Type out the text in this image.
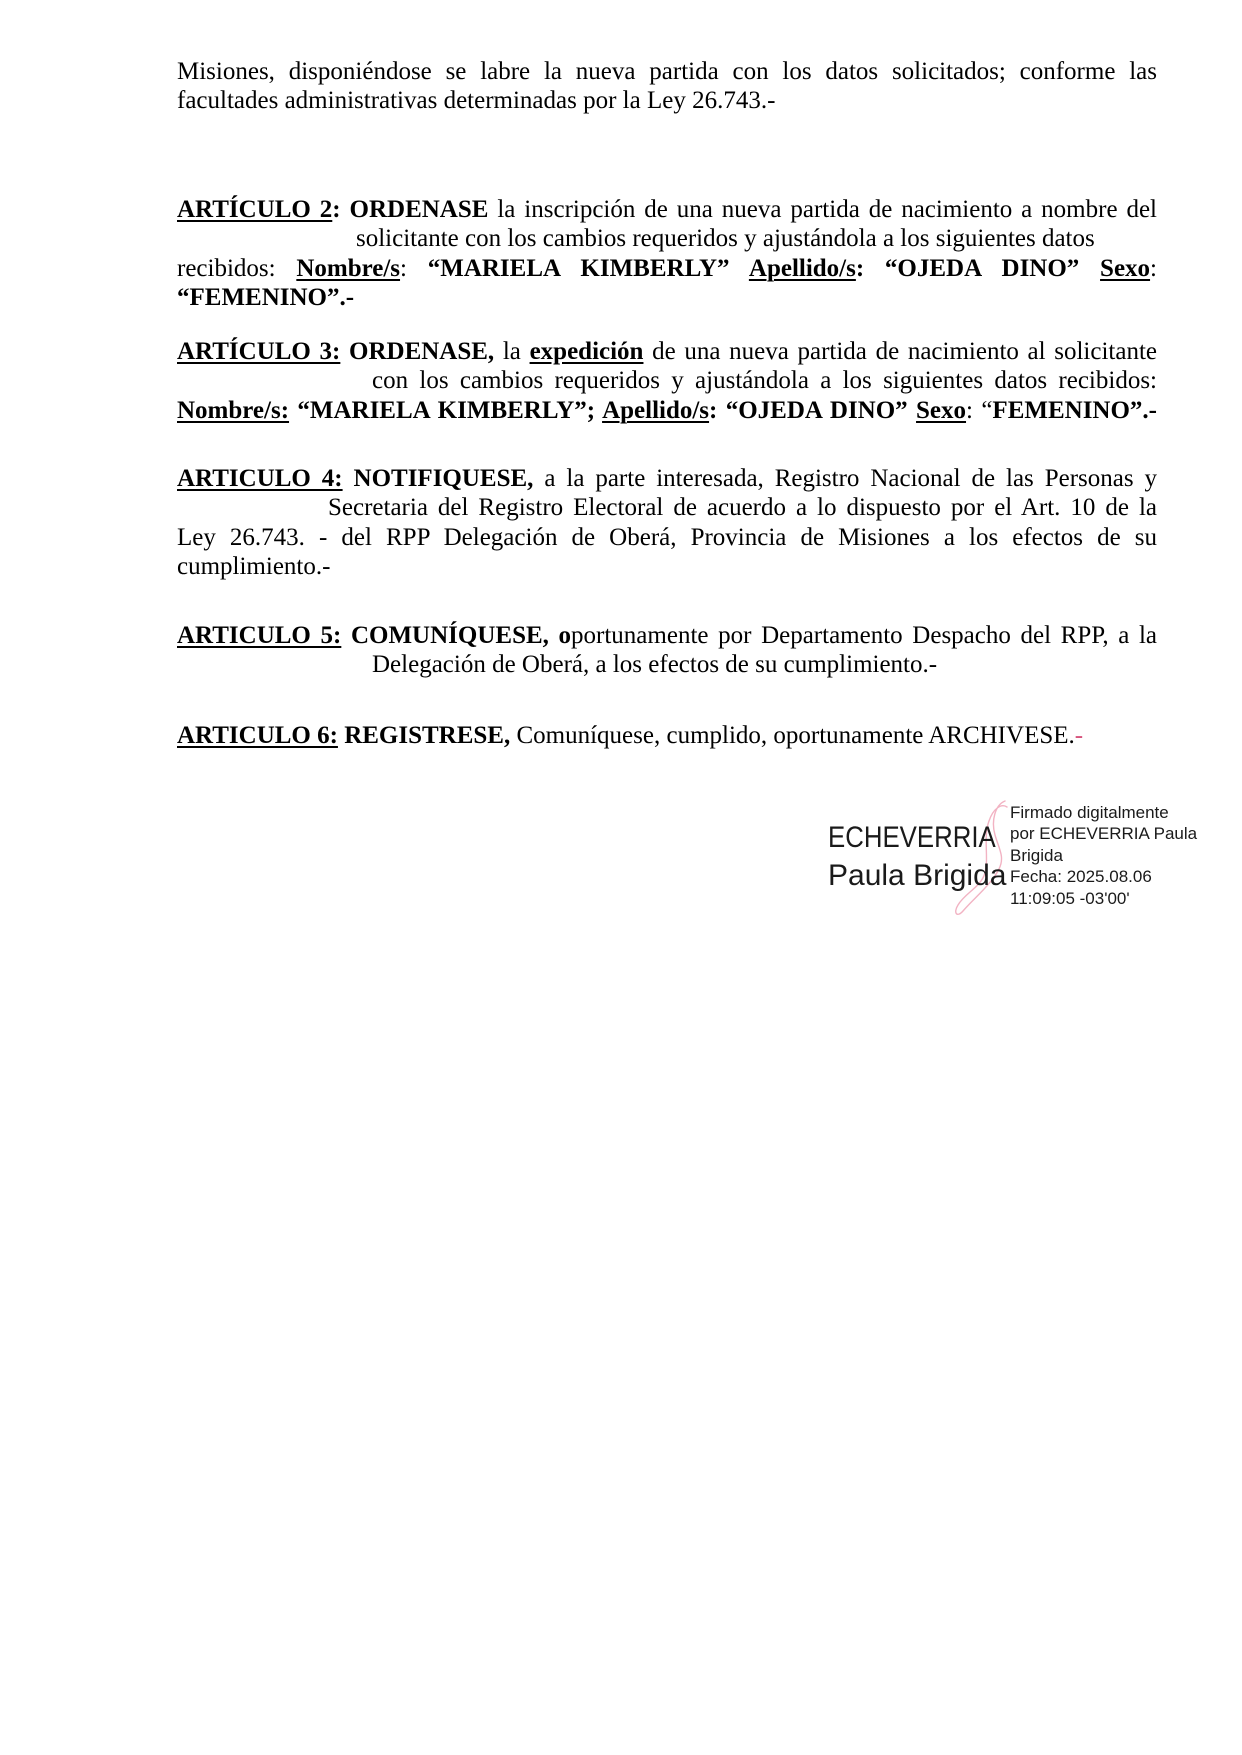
Misiones, disponiéndose se labre la nueva partida con los datos solicitados; conforme las
facultades administrativas determinadas por la Ley 26.743.-
ARTÍCULO 2: ORDENASE la inscripción de una nueva partida de nacimiento a nombre del
solicitante con los cambios requeridos y ajustándola a los siguientes datos
recibidos: Nombre/s: “MARIELA KIMBERLY” Apellido/s: “OJEDA DINO” Sexo:
“FEMENINO”.-
ARTÍCULO 3: ORDENASE, la expedición de una nueva partida de nacimiento al solicitante
con los cambios requeridos y ajustándola a los siguientes datos recibidos:
Nombre/s: “MARIELA KIMBERLY”; Apellido/s: “OJEDA DINO” Sexo: “FEMENINO”.-
ARTICULO 4: NOTIFIQUESE, a la parte interesada, Registro Nacional de las Personas y
Secretaria del Registro Electoral de acuerdo a lo dispuesto por el Art. 10 de la
Ley 26.743. - del RPP Delegación de Oberá, Provincia de Misiones a los efectos de su
cumplimiento.-
ARTICULO 5: COMUNÍQUESE, oportunamente por Departamento Despacho del RPP, a la
Delegación de Oberá, a los efectos de su cumplimiento.-
ARTICULO 6: REGISTRESE, Comuníquese, cumplido, oportunamente ARCHIVESE.-
ECHEVERRIA
Paula Brigida
Firmado digitalmente
por ECHEVERRIA Paula
Brigida
Fecha: 2025.08.06
11:09:05 -03'00'
